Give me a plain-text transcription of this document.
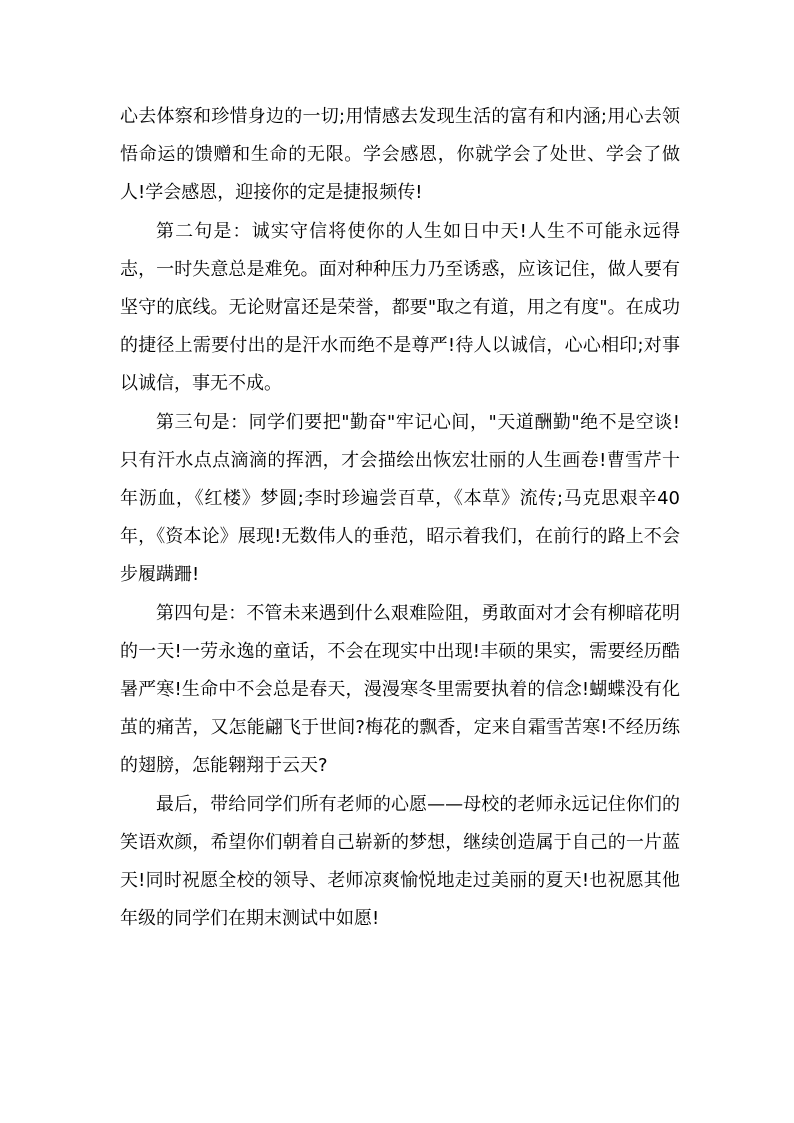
心去体察和珍惜身边的一切;用情感去发现生活的富有和内涵;用心去领悟命运的馈赠和生命的无限。学会感恩，你就学会了处世、学会了做人!学会感恩，迎接你的定是捷报频传!

第二句是：诚实守信将使你的人生如日中天!人生不可能永远得志，一时失意总是难免。面对种种压力乃至诱惑，应该记住，做人要有坚守的底线。无论财富还是荣誉，都要"取之有道，用之有度"。在成功的捷径上需要付出的是汗水而绝不是尊严!待人以诚信，心心相印;对事以诚信，事无不成。

第三句是：同学们要把"勤奋"牢记心间，"天道酬勤"绝不是空谈!只有汗水点点滴滴的挥洒，才会描绘出恢宏壮丽的人生画卷!曹雪芹十年沥血，《红楼》梦圆;李时珍遍尝百草，《本草》流传;马克思艰辛40年，《资本论》展现!无数伟人的垂范，昭示着我们，在前行的路上不会步履蹒跚!

第四句是：不管未来遇到什么艰难险阻，勇敢面对才会有柳暗花明的一天!一劳永逸的童话，不会在现实中出现!丰硕的果实，需要经历酷暑严寒!生命中不会总是春天，漫漫寒冬里需要执着的信念!蝴蝶没有化茧的痛苦，又怎能翩飞于世间?梅花的飘香，定来自霜雪苦寒!不经历练的翅膀，怎能翱翔于云天?

最后，带给同学们所有老师的心愿——母校的老师永远记住你们的笑语欢颜，希望你们朝着自己崭新的梦想，继续创造属于自己的一片蓝天!同时祝愿全校的领导、老师凉爽愉悦地走过美丽的夏天!也祝愿其他年级的同学们在期末测试中如愿!
